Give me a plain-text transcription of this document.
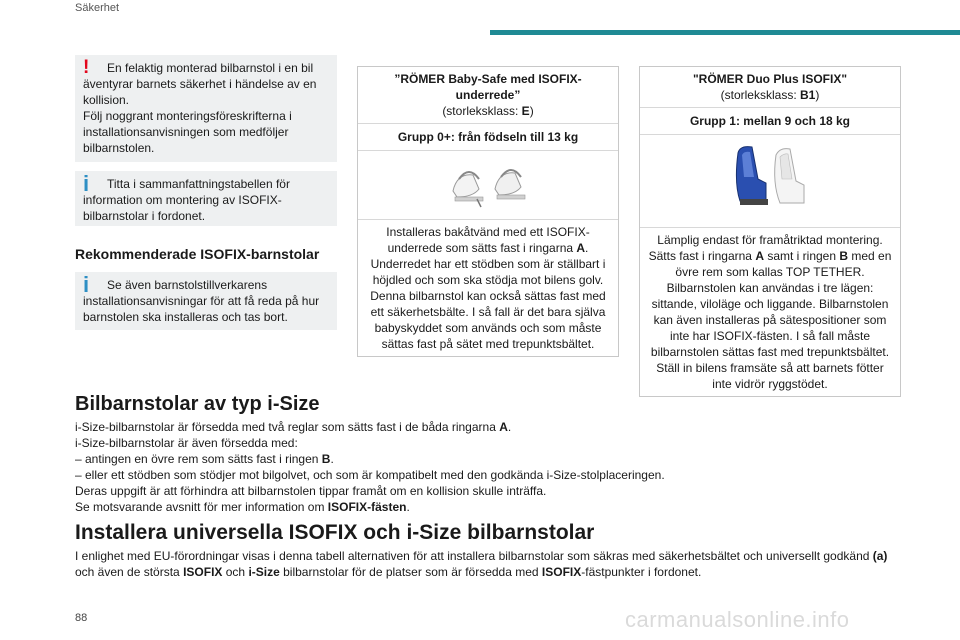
Säkerhet
!	En felaktig monterad bilbarnstol i en bil äventyrar barnets säkerhet i händelse av en kollision.

Följ noggrant monteringsföreskrifterna i installationsanvisningen som medföljer bilbarnstolen.

i	Titta i sammanfattningstabellen för information om montering av ISOFIX-bilbarnstolar i fordonet.

Rekommenderade ISOFIX-barnstolar
i	Se även barnstolstillverkarens installationsanvisningar för att få reda på hur barnstolen ska installeras och tas bort.

”RÖMER Baby-Safe med ISOFIX-underrede”
(storleksklass: E)
Grupp 0+: från födseln till 13 kg
Installeras bakåtvänd med ett ISOFIX-underrede som sätts fast i ringarna A. Underredet har ett stödben som är ställbart i höjdled och som ska stödja mot bilens golv. Denna bilbarnstol kan också sättas fast med ett säkerhetsbälte. I så fall är det bara själva babyskyddet som används och som måste sättas fast på sätet med trepunktsbältet.
"RÖMER Duo Plus ISOFIX"
(storleksklass: B1)
Grupp 1: mellan 9 och 18 kg
Lämplig endast för framåtriktad montering. Sätts fast i ringarna A samt i ringen B med en övre rem som kallas TOP TETHER. Bilbarnstolen kan användas i tre lägen: sittande, viloläge och liggande. Bilbarnstolen kan även installeras på sätespositioner som inte har ISOFIX-fästen. I så fall måste bilbarnstolen sättas fast med trepunktsbältet. Ställ in bilens framsäte så att barnets fötter inte vidrör ryggstödet.
Bilbarnstolar av typ i-Size

i-Size-bilbarnstolar är försedda med två reglar som sätts fast i de båda ringarna A.

i-Size-bilbarnstolar är även försedda med:

– antingen en övre rem som sätts fast i ringen B.

– eller ett stödben som stödjer mot bilgolvet, och som är kompatibelt med den godkända i-Size-stolplaceringen.

Deras uppgift är att förhindra att bilbarnstolen tippar framåt om en kollision skulle inträffa.

Se motsvarande avsnitt för mer information om ISOFIX-fästen.

Installera universella ISOFIX och i-Size bilbarnstolar

I enlighet med EU-förordningar visas i denna tabell alternativen för att installera bilbarnstolar som säkras med säkerhetsbältet och universellt godkänd (a) och även de största ISOFIX och i-Size bilbarnstolar för de platser som är försedda med ISOFIX-fästpunkter i fordonet.

88	carmanualsonline.info
